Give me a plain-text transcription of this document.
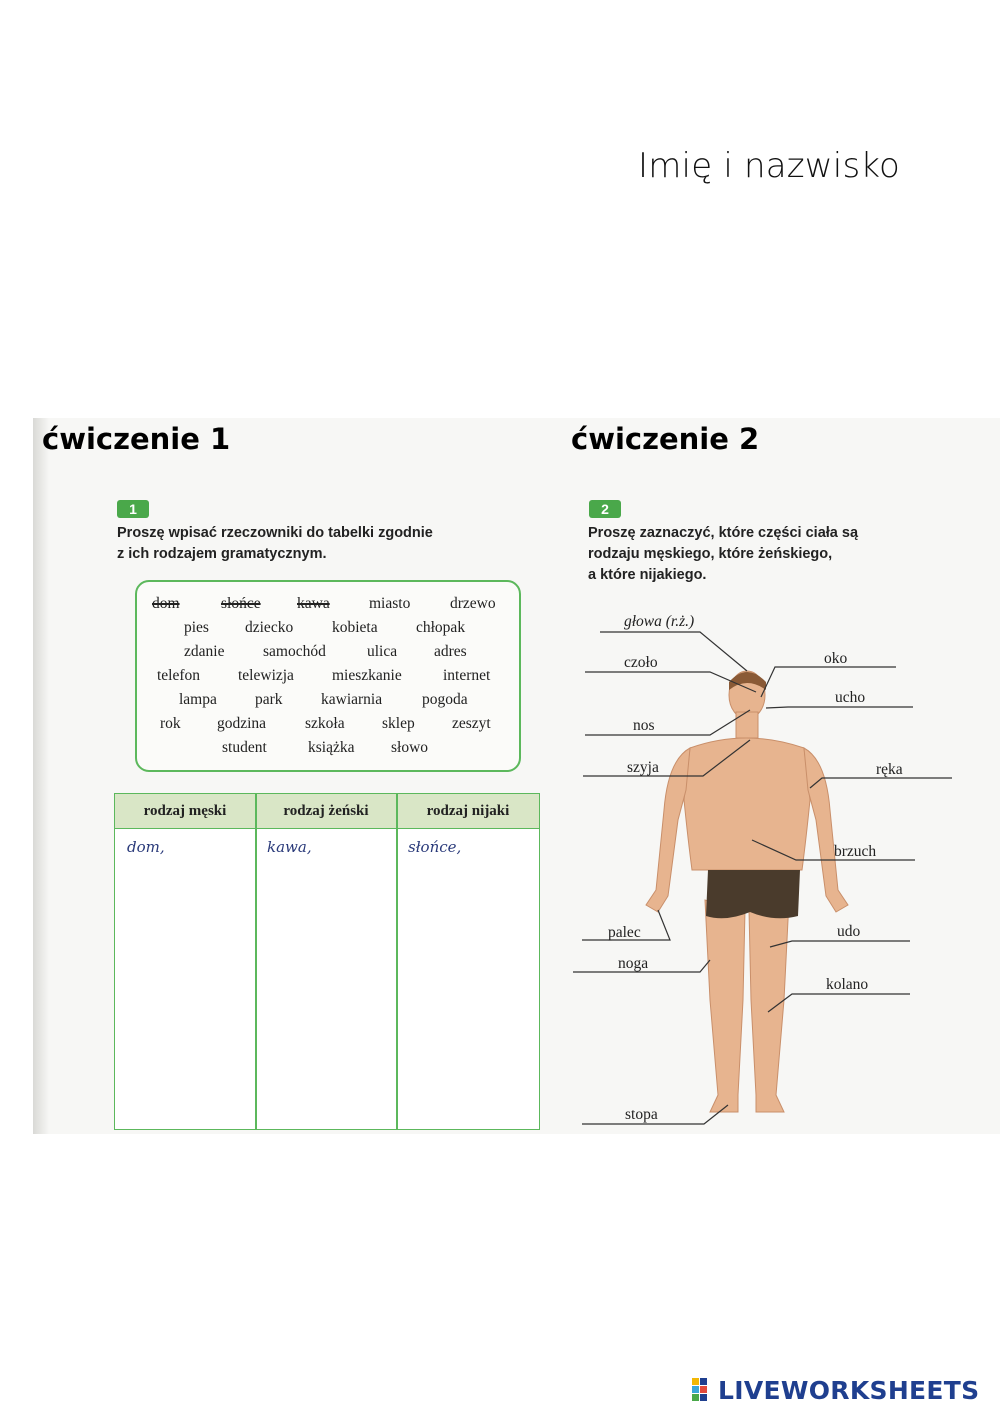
Imię i nazwisko
ćwiczenie 1	ćwiczenie 2
1	2
Proszę wpisać rzeczowniki do tabelki zgodnie
z ich rodzajem gramatycznym.
Proszę zaznaczyć, które części ciała są
rodzaju męskiego, które żeńskiego,
a które nijakiego.
dom	słońce kawa	miasto	drzewo
pies dziecko	kobieta chłopak
zdanie samochód	ulica adres
telefon telewizja mieszkanie	internet
lampa park kawiarnia	pogoda
rok godzina	szkoła sklep zeszyt
student	książka słowo
rodzaj męski	rodzaj żeński	rodzaj nijaki
dom,	kawa,	słońce,
głowa (r.ż.)
czoło	oko
ucho
nos
szyja	ręka
brzuch
palec	udo
noga
kolano
stopa
LIVEWORKSHEETS
